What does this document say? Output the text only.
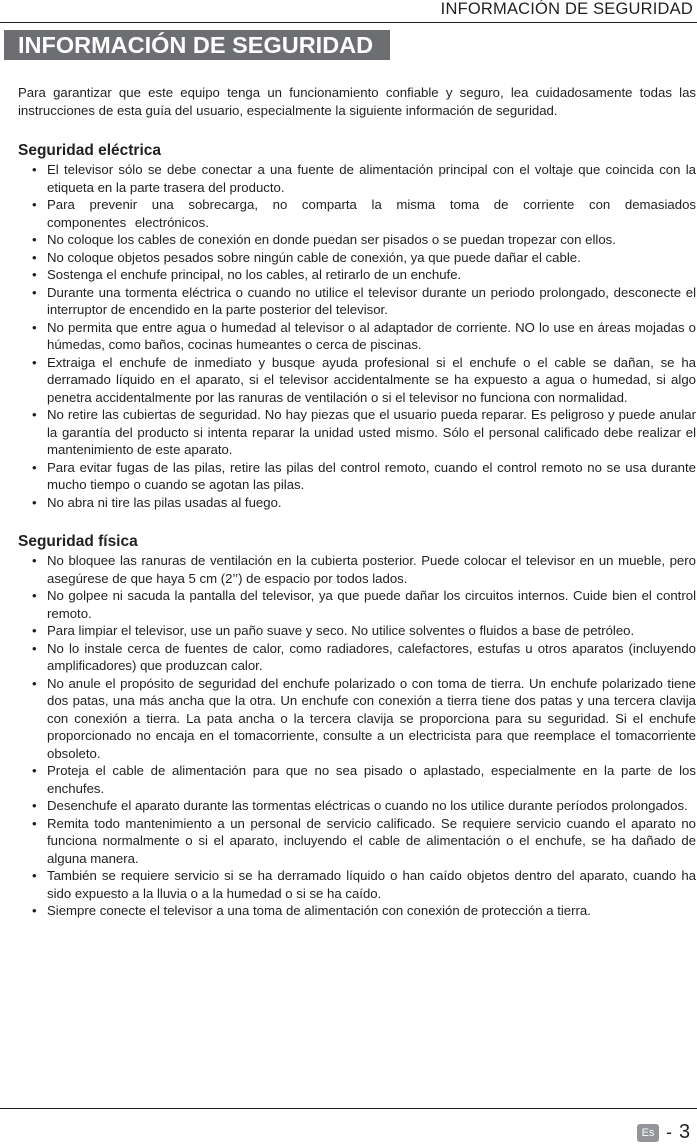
INFORMACIÓN DE SEGURIDAD
INFORMACIÓN DE SEGURIDAD

Para garantizar que este equipo tenga un funcionamiento confiable y seguro, lea cuidadosamente todas las instrucciones de esta guía del usuario, especialmente la siguiente información de seguridad.

Seguridad eléctrica
• El televisor sólo se debe conectar a una fuente de alimentación principal con el voltaje que coincida con la etiqueta en la parte trasera del producto.
• Para prevenir una sobrecarga, no comparta la misma toma de corriente con demasiados componentes electrónicos.
• No coloque los cables de conexión en donde puedan ser pisados o se puedan tropezar con ellos.
• No coloque objetos pesados sobre ningún cable de conexión, ya que puede dañar el cable.
• Sostenga el enchufe principal, no los cables, al retirarlo de un enchufe.
• Durante una tormenta eléctrica o cuando no utilice el televisor durante un periodo prolongado, desconecte el interruptor de encendido en la parte posterior del televisor.
• No permita que entre agua o humedad al televisor o al adaptador de corriente. NO lo use en áreas mojadas o húmedas, como baños, cocinas humeantes o cerca de piscinas.
• Extraiga el enchufe de inmediato y busque ayuda profesional si el enchufe o el cable se dañan, se ha derramado líquido en el aparato, si el televisor accidentalmente se ha expuesto a agua o humedad, si algo penetra accidentalmente por las ranuras de ventilación o si el televisor no funciona con normalidad.
• No retire las cubiertas de seguridad. No hay piezas que el usuario pueda reparar. Es peligroso y puede anular la garantía del producto si intenta reparar la unidad usted mismo. Sólo el personal calificado debe realizar el mantenimiento de este aparato.
• Para evitar fugas de las pilas, retire las pilas del control remoto, cuando el control remoto no se usa durante mucho tiempo o cuando se agotan las pilas.
• No abra ni tire las pilas usadas al fuego.
Seguridad física
• No bloquee las ranuras de ventilación en la cubierta posterior. Puede colocar el televisor en un mueble, pero asegúrese de que haya 5 cm (2’’) de espacio por todos lados.
• No golpee ni sacuda la pantalla del televisor, ya que puede dañar los circuitos internos. Cuide bien el control remoto.
• Para limpiar el televisor, use un paño suave y seco. No utilice solventes o fluidos a base de petróleo.
• No lo instale cerca de fuentes de calor, como radiadores, calefactores, estufas u otros aparatos (incluyendo amplificadores) que produzcan calor.
• No anule el propósito de seguridad del enchufe polarizado o con toma de tierra. Un enchufe polarizado tiene dos patas, una más ancha que la otra. Un enchufe con conexión a tierra tiene dos patas y una tercera clavija con conexión a tierra. La pata ancha o la tercera clavija se proporciona para su seguridad. Si el enchufe proporcionado no encaja en el tomacorriente, consulte a un electricista para que reemplace el tomacorriente obsoleto.
• Proteja el cable de alimentación para que no sea pisado o aplastado, especialmente en la parte de los enchufes.
• Desenchufe el aparato durante las tormentas eléctricas o cuando no los utilice durante períodos prolongados.
• Remita todo mantenimiento a un personal de servicio calificado. Se requiere servicio cuando el aparato no funciona normalmente o si el aparato, incluyendo el cable de alimentación o el enchufe, se ha dañado de alguna manera.
• También se requiere servicio si se ha derramado líquido o han caído objetos dentro del aparato, cuando ha sido expuesto a la lluvia o a la humedad o si se ha caído.
• Siempre conecte el televisor a una toma de alimentación con conexión de protección a tierra.
Es - 3
